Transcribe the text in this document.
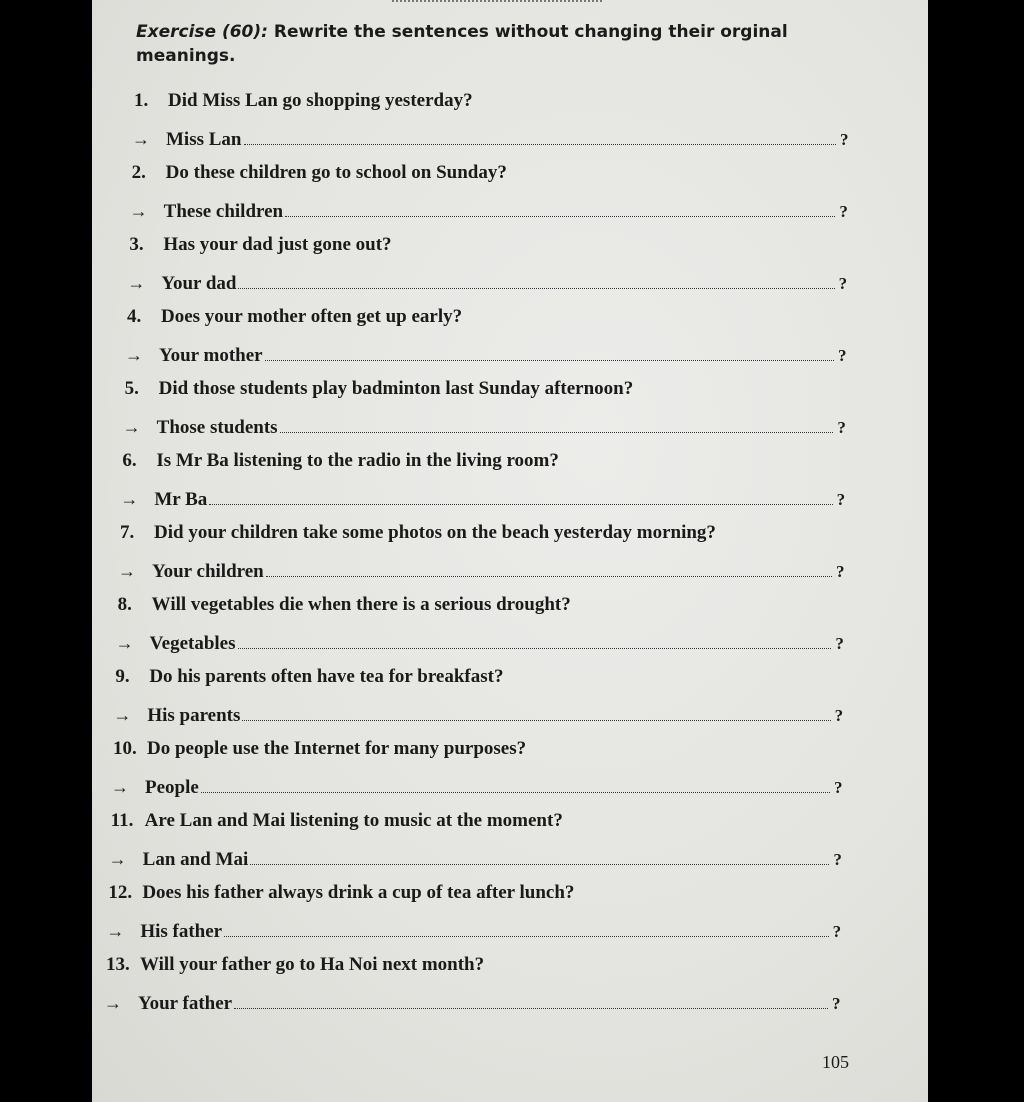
Exercise (60): Rewrite the sentences without changing their orginal
meanings.
1. Did Miss Lan go shopping yesterday?
→ Miss Lan	?
2. Do these children go to school on Sunday?
→ These children	?
3. Has your dad just gone out?
→ Your dad	?
4. Does your mother often get up early?
→ Your mother	?
5. Did those students play badminton last Sunday afternoon?
→ Those students	?
6. Is Mr Ba listening to the radio in the living room?
→ Mr Ba	?
7. Did your children take some photos on the beach yesterday morning?
→ Your children	?
8. Will vegetables die when there is a serious drought?
→ Vegetables	?
9. Do his parents often have tea for breakfast?
→ His parents	?
10. Do people use the Internet for many purposes?
→ People	?
11. Are Lan and Mai listening to music at the moment?
→ Lan and Mai	?
12. Does his father always drink a cup of tea after lunch?
→ His father	?
13. Will your father go to Ha Noi next month?
→ Your father	?
105
